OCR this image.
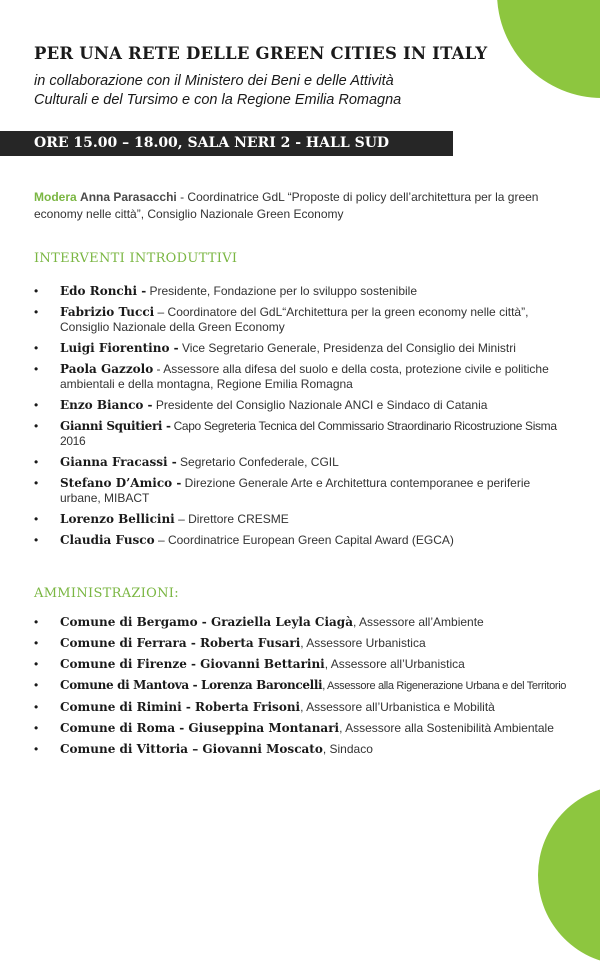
PER UNA RETE DELLE GREEN CITIES IN ITALY

in collaborazione con il Ministero dei Beni e delle Attività
Culturali e del Tursimo e con la Regione Emilia Romagna

ORE 15.00 – 18.00, SALA NERI 2 - HALL SUD

Modera Anna Parasacchi - Coordinatrice GdL “Proposte di policy dell’architettura per la green economy nelle città”, Consiglio Nazionale Green Economy

INTERVENTI INTRODUTTIVI
• Edo Ronchi - Presidente, Fondazione per lo sviluppo sostenibile
• Fabrizio Tucci – Coordinatore del GdL“Architettura per la green economy nelle città”, Consiglio Nazionale della Green Economy
• Luigi Fiorentino - Vice Segretario Generale, Presidenza del Consiglio dei Ministri
• Paola Gazzolo - Assessore alla difesa del suolo e della costa, protezione civile e politiche ambientali e della montagna, Regione Emilia Romagna
• Enzo Bianco - Presidente del Consiglio Nazionale ANCI e Sindaco di Catania
• Gianni Squitieri - Capo Segreteria Tecnica del Commissario Straordinario Ricostruzione Sisma 2016
• Gianna Fracassi - Segretario Confederale, CGIL
• Stefano D’Amico - Direzione Generale Arte e Architettura contemporanee e periferie urbane, MIBACT
• Lorenzo Bellicini – Direttore CRESME
• Claudia Fusco – Coordinatrice European Green Capital Award (EGCA)
AMMINISTRAZIONI:
• Comune di Bergamo - Graziella Leyla Ciagà, Assessore all’Ambiente
• Comune di Ferrara - Roberta Fusari, Assessore Urbanistica
• Comune di Firenze - Giovanni Bettarini, Assessore all’Urbanistica
• Comune di Mantova - Lorenza Baroncelli, Assessore alla Rigenerazione Urbana e del Territorio
• Comune di Rimini - Roberta Frisoni, Assessore all’Urbanistica e Mobilità
• Comune di Roma - Giuseppina Montanari, Assessore alla Sostenibilità Ambientale
• Comune di Vittoria – Giovanni Moscato, Sindaco
